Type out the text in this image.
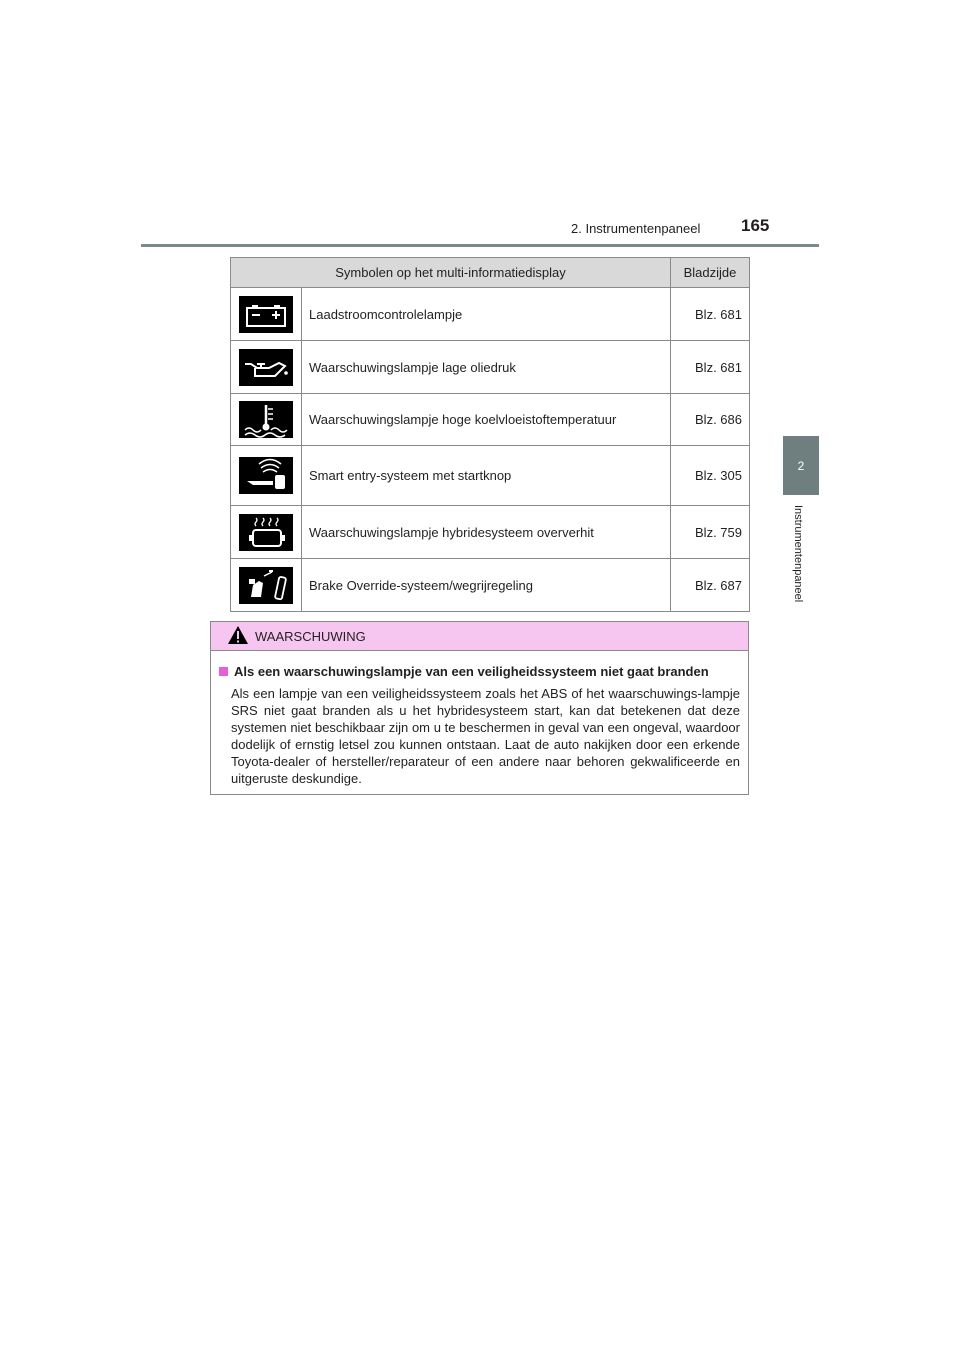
2. Instrumentenpaneel 165
2
Instrumentenpaneel
Symbolen op het multi-informatiedisplay		Bladzijde

	Laadstroomcontrolelampje	Blz. 681

	Waarschuwingslampje lage oliedruk	Blz. 681

	Waarschuwingslampje hoge koelvloeistoftemperatuur	Blz. 686

	Smart entry-systeem met startknop	Blz. 305

	Waarschuwingslampje hybridesysteem oververhit	Blz. 759

	Brake Override-systeem/wegrijregeling	Blz. 687
WAARSCHUWING
Als een waarschuwingslampje van een veiligheidssysteem niet gaat branden
Als een lampje van een veiligheidssysteem zoals het ABS of het waarschuwings-lampje SRS niet gaat branden als u het hybridesysteem start, kan dat betekenen dat deze systemen niet beschikbaar zijn om u te beschermen in geval van een ongeval, waardoor dodelijk of ernstig letsel zou kunnen ontstaan. Laat de auto nakijken door een erkende Toyota-dealer of hersteller/reparateur of een andere naar behoren gekwalificeerde en uitgeruste deskundige.
